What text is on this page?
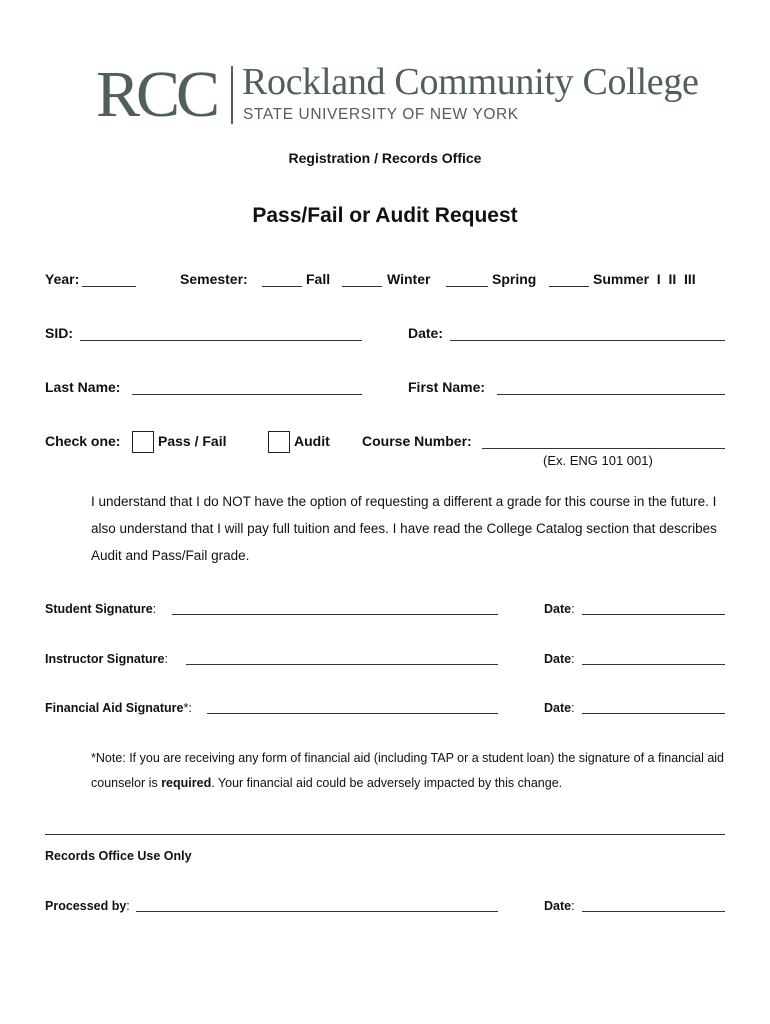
RCC Rockland Community College
STATE UNIVERSITY OF NEW YORK
Registration / Records Office
Pass/Fail or Audit Request
Year:	Semester:	Fall	Winter	Spring	Summer  I  II  III
SID:	Date:
Last Name:	First Name:
Check one:	Pass / Fail	Audit Course Number:
(Ex. ENG 101 001)
I understand that I do NOT have the option of requesting a different a grade for this course in the future. I also understand that I will pay full tuition and fees. I have read the College Catalog section that describes Audit and Pass/Fail grade.
Student Signature:	Date:
Instructor Signature:	Date:
Financial Aid Signature*:	Date:
*Note: If you are receiving any form of financial aid (including TAP or a student loan) the signature of a financial aid counselor is required. Your financial aid could be adversely impacted by this change.
Records Office Use Only
Processed by:	Date:
